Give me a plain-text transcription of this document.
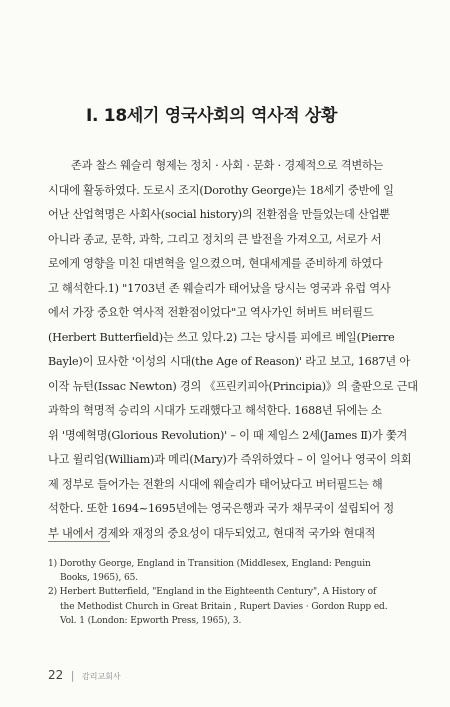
Ⅰ. 18세기 영국사회의 역사적 상황
존과 찰스 웨슬리 형제는 정치 · 사회 · 문화 · 경제적으로 격변하는
시대에 활동하였다. 도로시 조지(Dorothy George)는 18세기 중반에 일
어난 산업혁명은 사회사(social history)의 전환점을 만들었는데 산업뿐
아니라 종교, 문학, 과학, 그리고 정치의 큰 발전을 가져오고, 서로가 서
로에게 영향을 미친 대변혁을 일으켰으며, 현대세계를 준비하게 하였다
고 해석한다.1) "1703년 존 웨슬리가 태어났을 당시는 영국과 유럽 역사
에서 가장 중요한 역사적 전환점이었다"고 역사가인 허버트 버터필드
(Herbert Butterfield)는 쓰고 있다.2) 그는 당시를 피에르 베일(Pierre
Bayle)이 묘사한 '이성의 시대(the Age of Reason)' 라고 보고, 1687년 아
이작 뉴턴(Issac Newton) 경의 《프린키피아(Principia)》의 출판으로 근대
과학의 혁명적 승리의 시대가 도래했다고 해석한다. 1688년 뒤에는 소
위 '명예혁명(Glorious Revolution)' – 이 때 제임스 2세(James Ⅱ)가 쫓겨
나고 윌리엄(William)과 메리(Mary)가 즉위하였다 – 이 일어나 영국이 의회
제 정부로 들어가는 전환의 시대에 웨슬리가 태어났다고 버터필드는 해
석한다. 또한 1694~1695년에는 영국은행과 국가 채무국이 설립되어 정
부 내에서 경제와 재정의 중요성이 대두되었고, 현대적 국가와 현대적
1) Dorothy George, England in Transition (Middlesex, England: Penguin
Books, 1965), 65.
2) Herbert Butterfield, "England in the Eighteenth Century", A History of
the Methodist Church in Great Britain , Rupert Davies · Gordon Rupp ed.
Vol. 1 (London: Epworth Press, 1965), 3.
22 | 감리교회사
